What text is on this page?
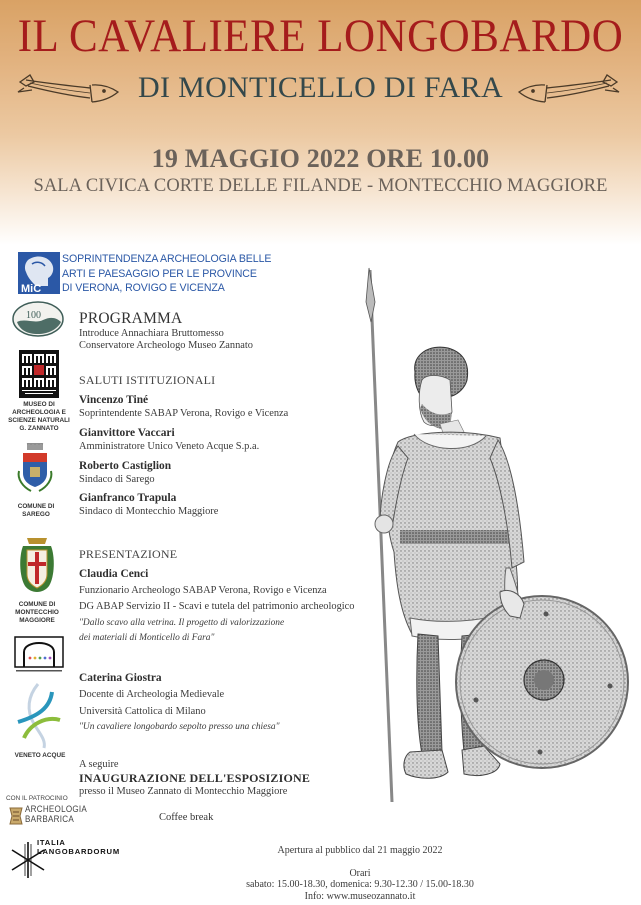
IL CAVALIERE LONGOBARDO
DI MONTICELLO DI FARA
19 MAGGIO 2022 ORE 10.00
SALA CIVICA CORTE DELLE FILANDE - MONTECCHIO MAGGIORE
MiC
SOPRINTENDENZA ARCHEOLOGIA BELLE
ARTI E PAESAGGIO PER LE PROVINCE
DI VERONA, ROVIGO E VICENZA
100 PROGRAMMA
Introduce Annachiara Bruttomesso
Conservatore Archeologo Museo Zannato
MUSEO DI
ARCHEOLOGIA E
SCIENZE NATURALI
G. ZANNATO
SALUTI ISTITUZIONALI
Vincenzo Tiné
Soprintendente SABAP Verona, Rovigo e Vicenza
Gianvittore Vaccari
Amministratore Unico Veneto Acque S.p.a.
COMUNE DI
SAREGO
Roberto Castiglion
Sindaco di Sarego
Gianfranco Trapula
Sindaco di Montecchio Maggiore
COMUNE DI
MONTECCHIO
MAGGIORE
PRESENTAZIONE
Claudia Cenci
Funzionario Archeologo SABAP Verona, Rovigo e Vicenza
DG ABAP Servizio II - Scavi e tutela del patrimonio archeologico
"Dallo scavo alla vetrina. Il progetto di valorizzazione
dei materiali di Monticello di Fara"
VENETO ACQUE
Caterina Giostra
Docente di Archeologia Medievale
Università Cattolica di Milano
"Un cavaliere longobardo sepolto presso una chiesa"
A seguire
INAUGURAZIONE DELL'ESPOSIZIONE
presso il Museo Zannato di Montecchio Maggiore
CON IL PATROCINIO
ARCHEOLOGIA
BARBARICA	Coffee break
ITALIA
LANGOBARDORUM	Apertura al pubblico dal 21 maggio 2022
Orari
sabato: 15.00-18.30, domenica: 9.30-12.30 / 15.00-18.30
Info: www.museozannato.it
